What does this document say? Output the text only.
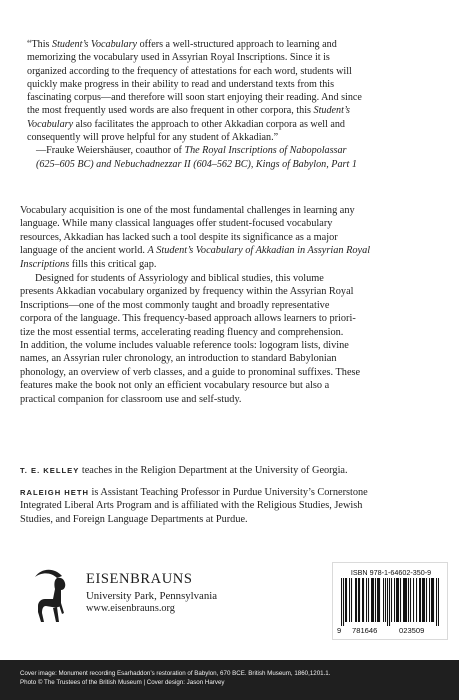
“This Student’s Vocabulary offers a well-structured approach to learning and

memorizing the vocabulary used in Assyrian Royal Inscriptions. Since it is

organized according to the frequency of attestations for each word, students will

quickly make progress in their ability to read and understand texts from this

fascinating corpus—and therefore will soon start enjoying their reading. And since

the most frequently used words are also frequent in other corpora, this Student’s

Vocabulary also facilitates the approach to other Akkadian corpora as well and

consequently will prove helpful for any student of Akkadian.”

—Frauke Weiershäuser, coauthor of The Royal Inscriptions of Nabopolassar

(625–605 BC) and Nebuchadnezzar II (604–562 BC), Kings of Babylon, Part 1

Vocabulary acquisition is one of the most fundamental challenges in learning any

language. While many classical languages offer student-focused vocabulary

resources, Akkadian has lacked such a tool despite its significance as a major

language of the ancient world. A Student’s Vocabulary of Akkadian in Assyrian Royal

Inscriptions fills this critical gap.

Designed for students of Assyriology and biblical studies, this volume

presents Akkadian vocabulary organized by frequency within the Assyrian Royal

Inscriptions—one of the most commonly taught and broadly representative

corpora of the language. This frequency-based approach allows learners to priori-

tize the most essential terms, accelerating reading fluency and comprehension.

In addition, the volume includes valuable reference tools: logogram lists, divine

names, an Assyrian ruler chronology, an introduction to standard Babylonian

phonology, an overview of verb classes, and a guide to pronominal suffixes. These

features make the book not only an efficient vocabulary resource but also a

practical companion for classroom use and self-study.

T. E. KELLEY teaches in the Religion Department at the University of Georgia.

RALEIGH HETH is Assistant Teaching Professor in Purdue University’s Cornerstone

Integrated Liberal Arts Program and is affiliated with the Religious Studies, Jewish

Studies, and Foreign Language Departments at Purdue.

EISENBRAUNS
University Park, Pennsylvania
www.eisenbrauns.org
ISBN 978-1-64602-350-9
9 781646	023509

Cover image: Monument recording Esarhaddon’s restoration of Babylon, 670 BCE. British Museum, 1860,1201.1.

Photo © The Trustees of the British Museum | Cover design: Jason Harvey
